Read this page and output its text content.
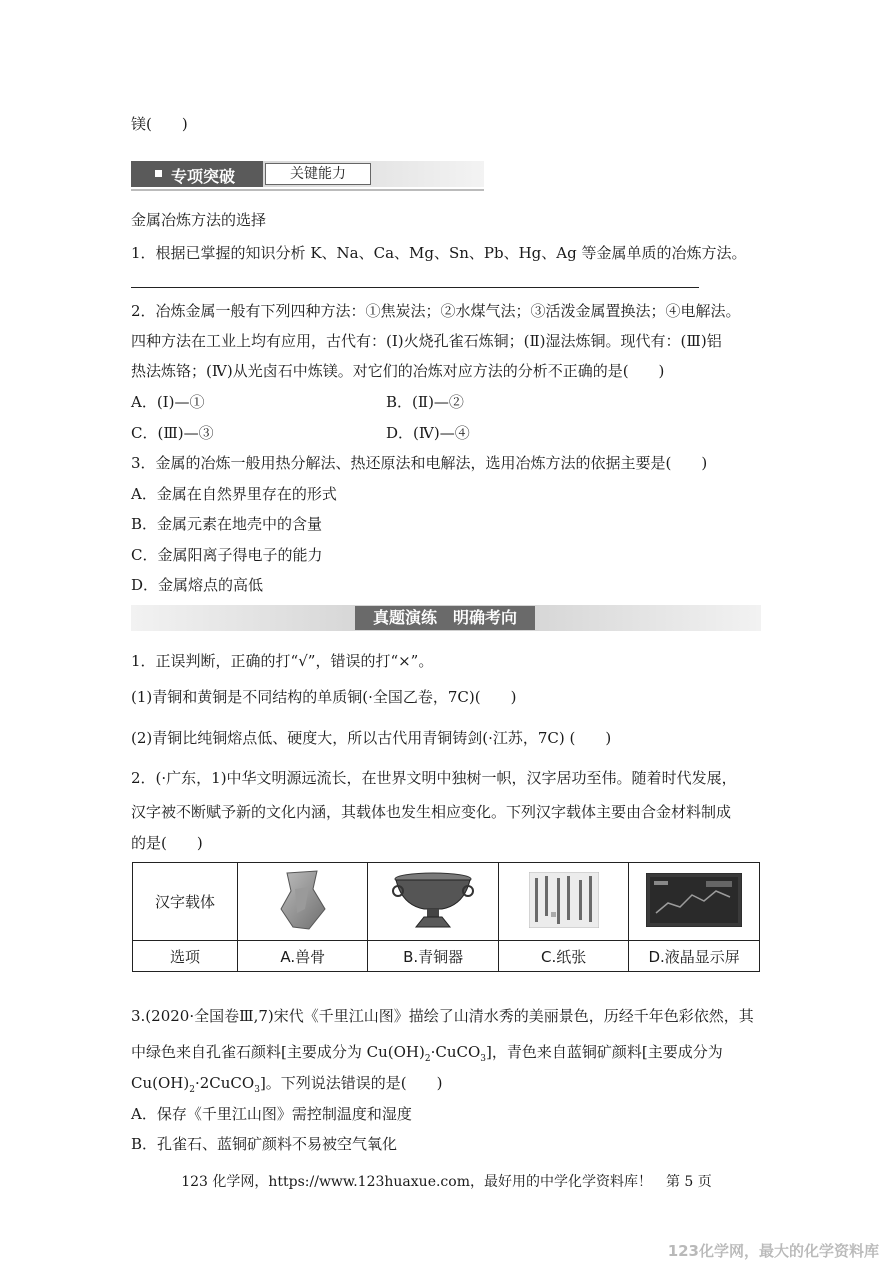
镁(　　)
专项突破	关键能力
金属冶炼方法的选择
1．根据已掌握的知识分析 K、Na、Ca、Mg、Sn、Pb、Hg、Ag 等金属单质的冶炼方法。
2．冶炼金属一般有下列四种方法：①焦炭法；②水煤气法；③活泼金属置换法；④电解法。
四种方法在工业上均有应用，古代有：(Ⅰ)火烧孔雀石炼铜；(Ⅱ)湿法炼铜。现代有：(Ⅲ)铝
热法炼铬；(Ⅳ)从光卤石中炼镁。对它们的冶炼对应方法的分析不正确的是(　　)
A．(Ⅰ)—①	B．(Ⅱ)—②
C．(Ⅲ)—③	D．(Ⅳ)—④
3．金属的冶炼一般用热分解法、热还原法和电解法，选用冶炼方法的依据主要是(　　)
A．金属在自然界里存在的形式
B．金属元素在地壳中的含量
C．金属阳离子得电子的能力
D．金属熔点的高低
真题演练　明确考向
1．正误判断，正确的打“√”，错误的打“×”。
(1)青铜和黄铜是不同结构的单质铜(·全国乙卷，7C)(　　)
(2)青铜比纯铜熔点低、硬度大，所以古代用青铜铸剑(·江苏，7C) (　　)
2．(·广东，1)中华文明源远流长，在世界文明中独树一帜，汉字居功至伟。随着时代发展，
汉字被不断赋予新的文化内涵，其载体也发生相应变化。下列汉字载体主要由合金材料制成
的是(　　)
汉字载体				
选项	A.兽骨	B.青铜器	C.纸张	D.液晶显示屏
3.(2020·全国卷Ⅲ,7)宋代《千里江山图》描绘了山清水秀的美丽景色，历经千年色彩依然，其
中绿色来自孔雀石颜料[主要成分为 $Cu(OH)_2\cdot CuCO_3$]，青色来自蓝铜矿颜料[主要成分为
$Cu(OH)_2\cdot 2CuCO_3$]。下列说法错误的是(　　)
A．保存《千里江山图》需控制温度和湿度
B．孔雀石、蓝铜矿颜料不易被空气氧化
123 化学网，https://www.123huaxue.com，最好用的中学化学资料库！　第 5 页
123化学网，最大的化学资料库
